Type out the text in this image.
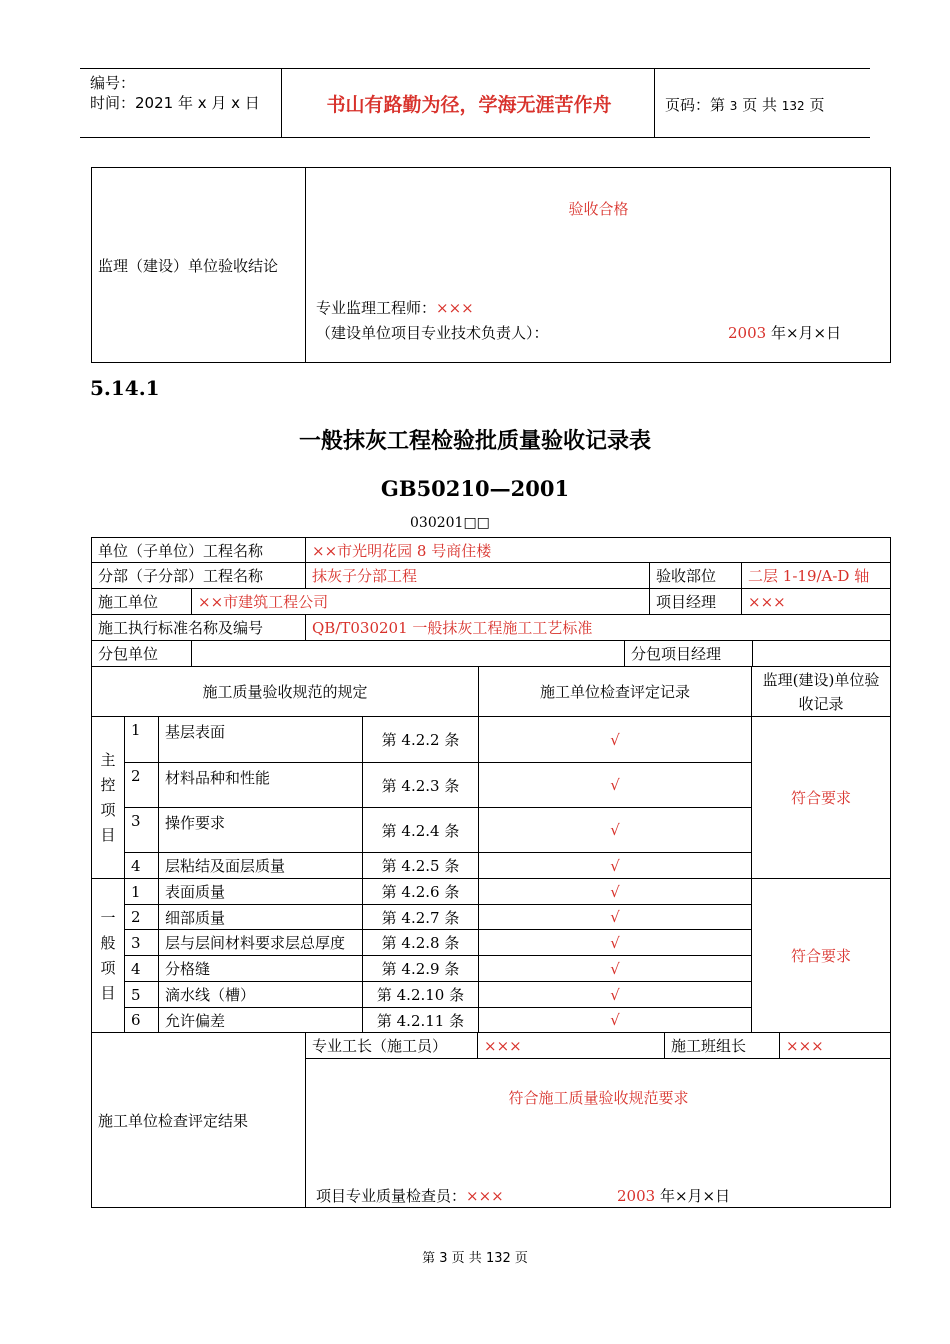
编号：
时间：2021 年 x 月 x 日	书山有路勤为径，学海无涯苦作舟	页码：第 3 页 共 132 页
监理（建设）单位验收结论	
验收合格
专业监理工程师：×××
（建设单位项目专业技术负责人）：	2003 年×月×日
5.14.1
一般抹灰工程检验批质量验收记录表
GB50210—2001
030201□□
单位（子单位）工程名称	××市光明花园 8 号商住楼		
分部（子分部）工程名称	抹灰子分部工程	验收部位	二层 1-19/A-D 轴
施工单位	××市建筑工程公司	项目经理	×××
施工执行标准名称及编号	QB/T030201 一般抹灰工程施工工艺标准
分包单位		分包项目经理	
施工质量验收规范的规定	施工单位检查评定记录	监理(建设)单位验收记录
主控项目	1	基层表面	第 4.2.2 条	√	符合要求
	2	材料品种和性能	第 4.2.3 条	√	
	3	操作要求	第 4.2.4 条	√	
	4	层粘结及面层质量	第 4.2.5 条	√	
一般项目	1	表面质量	第 4.2.6 条	√	符合要求
	2	细部质量	第 4.2.7 条	√	
	3	层与层间材料要求层总厚度	第 4.2.8 条	√	
	4	分格缝	第 4.2.9 条	√	
	5	滴水线（槽）	第 4.2.10 条	√	
	6	允许偏差	第 4.2.11 条	√	
施工单位检查评定结果	专业工长（施工员）	×××	施工班组长	×××

符合施工质量验收规范要求
项目专业质量检查员：×××	2003 年×月×日
第 3 页 共 132 页
